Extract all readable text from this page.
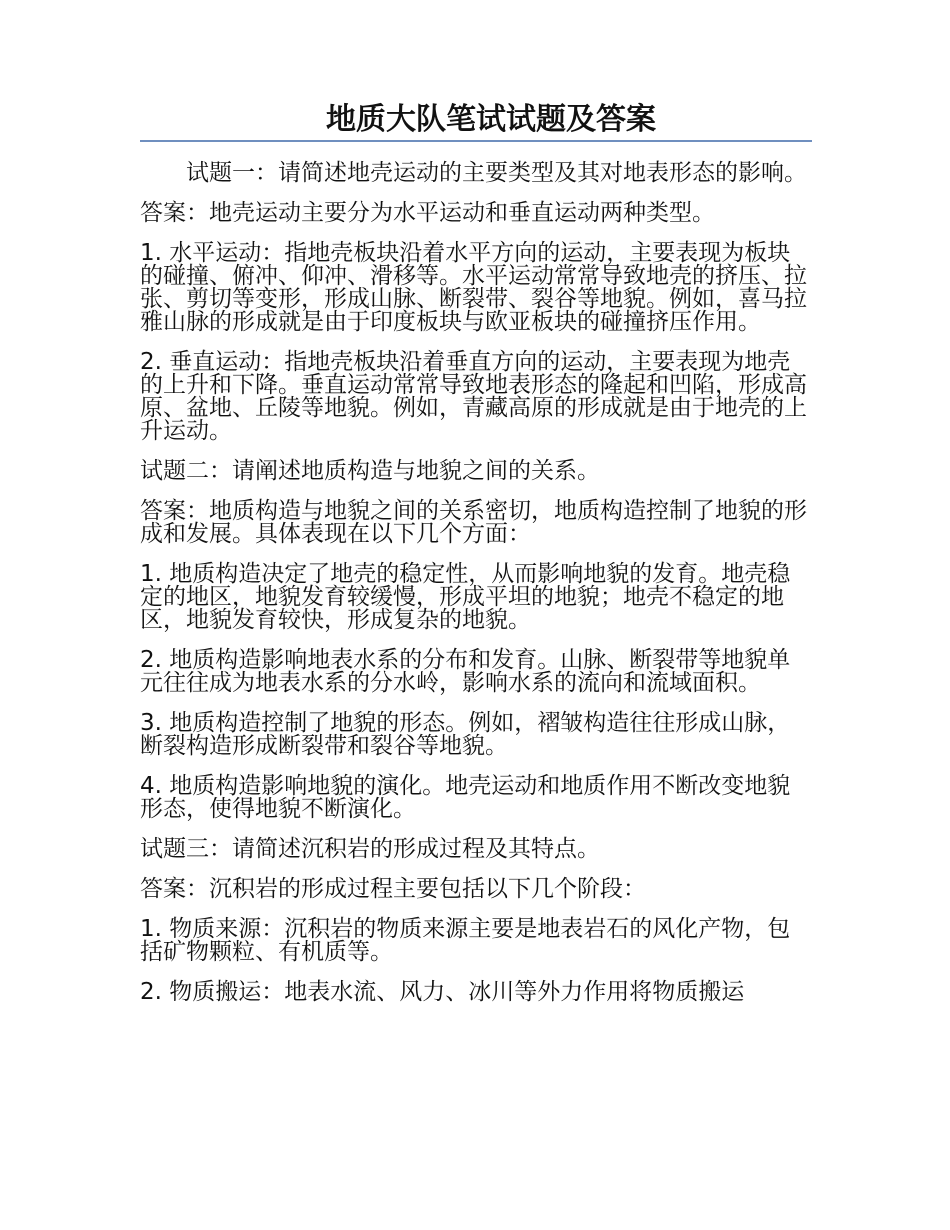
地质大队笔试试题及答案

试题一：请简述地壳运动的主要类型及其对地表形态的影响。

答案：地壳运动主要分为水平运动和垂直运动两种类型。

1. 水平运动：指地壳板块沿着水平方向的运动，主要表现为板块的碰撞、俯冲、仰冲、滑移等。水平运动常常导致地壳的挤压、拉张、剪切等变形，形成山脉、断裂带、裂谷等地貌。例如，喜马拉雅山脉的形成就是由于印度板块与欧亚板块的碰撞挤压作用。

2. 垂直运动：指地壳板块沿着垂直方向的运动，主要表现为地壳的上升和下降。垂直运动常常导致地表形态的隆起和凹陷，形成高原、盆地、丘陵等地貌。例如，青藏高原的形成就是由于地壳的上升运动。

试题二：请阐述地质构造与地貌之间的关系。

答案：地质构造与地貌之间的关系密切，地质构造控制了地貌的形成和发展。具体表现在以下几个方面：

1. 地质构造决定了地壳的稳定性，从而影响地貌的发育。地壳稳定的地区，地貌发育较缓慢，形成平坦的地貌；地壳不稳定的地区，地貌发育较快，形成复杂的地貌。

2. 地质构造影响地表水系的分布和发育。山脉、断裂带等地貌单元往往成为地表水系的分水岭，影响水系的流向和流域面积。

3. 地质构造控制了地貌的形态。例如，褶皱构造往往形成山脉，断裂构造形成断裂带和裂谷等地貌。

4. 地质构造影响地貌的演化。地壳运动和地质作用不断改变地貌形态，使得地貌不断演化。

试题三：请简述沉积岩的形成过程及其特点。

答案：沉积岩的形成过程主要包括以下几个阶段：

1. 物质来源：沉积岩的物质来源主要是地表岩石的风化产物，包括矿物颗粒、有机质等。

2. 物质搬运：地表水流、风力、冰川等外力作用将物质搬运
